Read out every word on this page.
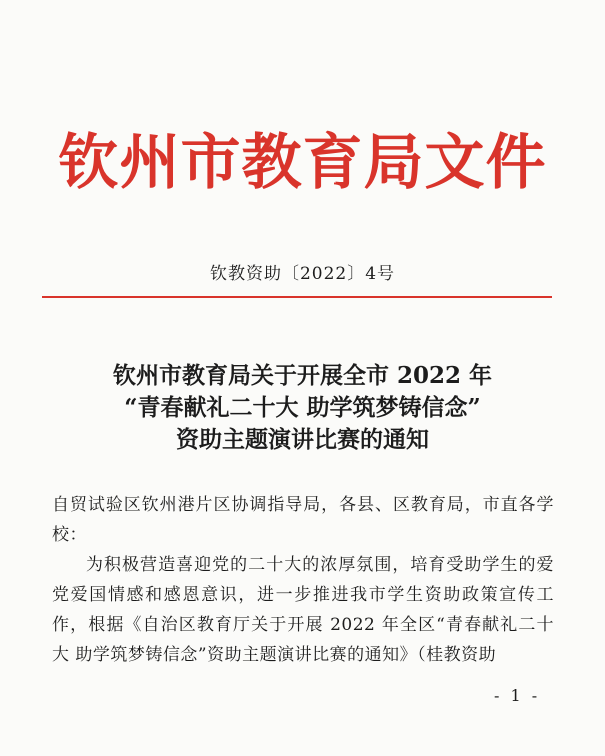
钦州市教育局文件
钦教资助〔2022〕4号
钦州市教育局关于开展全市 2022 年
“青春献礼二十大 助学筑梦铸信念”
资助主题演讲比赛的通知

自贸试验区钦州港片区协调指导局，各县、区教育局，市直各学校：

为积极营造喜迎党的二十大的浓厚氛围，培育受助学生的爱党爱国情感和感恩意识，进一步推进我市学生资助政策宣传工作，根据《自治区教育厅关于开展 2022 年全区“青春献礼二十大 助学筑梦铸信念”资助主题演讲比赛的通知》（桂教资助

- 1 -
